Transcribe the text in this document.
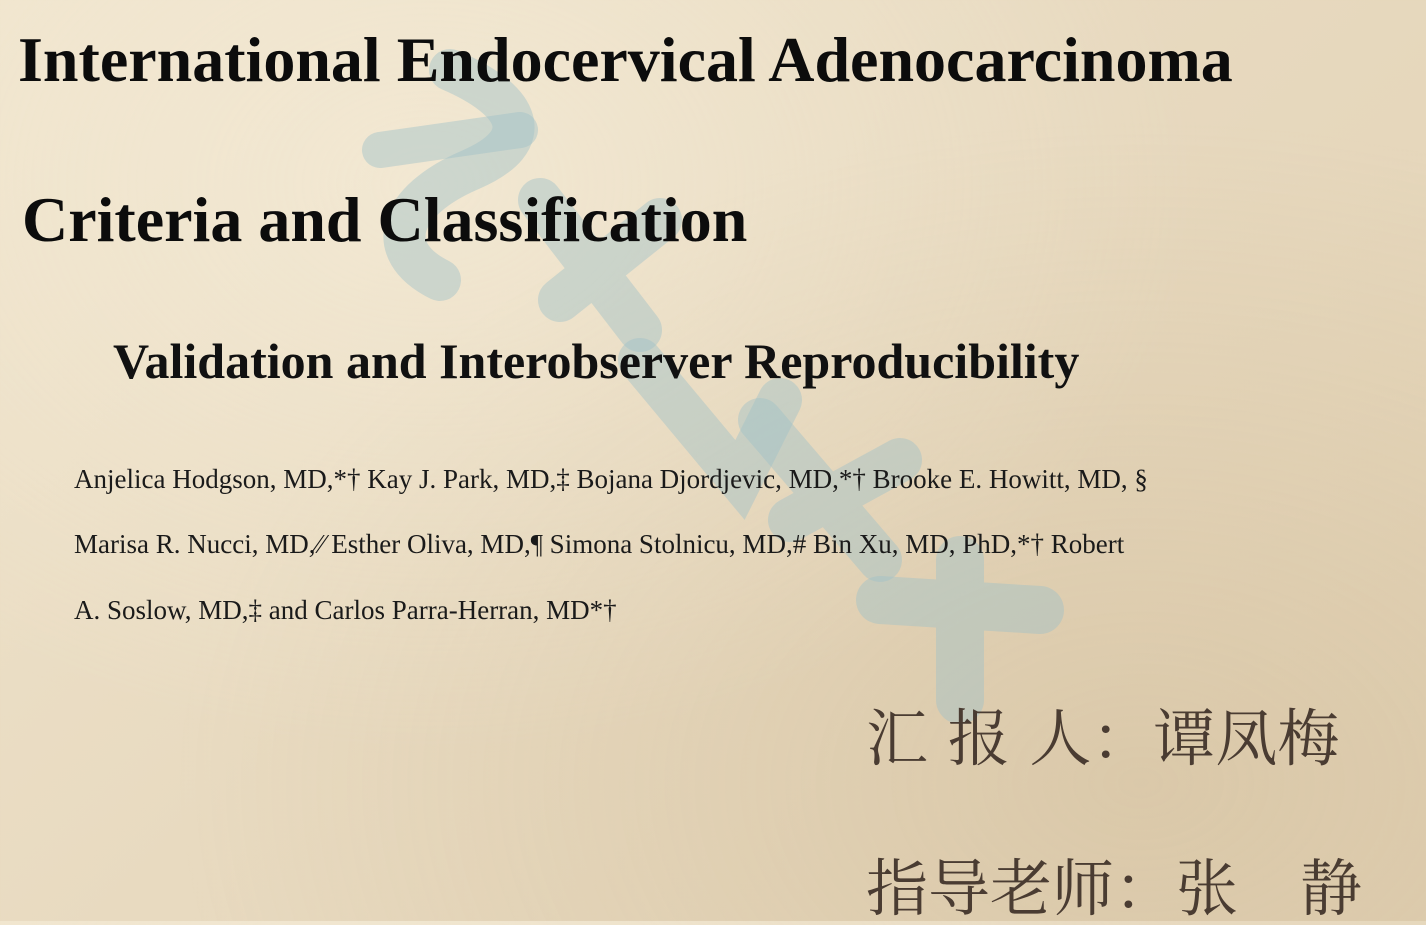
International Endocervical Adenocarcinoma
Criteria and Classification
Validation and Interobserver Reproducibility
Anjelica Hodgson, MD,*† Kay J. Park, MD,‡ Bojana Djordjevic, MD,*† Brooke E. Howitt, MD, §
Marisa R. Nucci, MD,⁄⁄ Esther Oliva, MD,¶ Simona Stolnicu, MD,# Bin Xu, MD, PhD,*† Robert
A. Soslow, MD,‡ and Carlos Parra-Herran, MD*†
汇 报 人：谭凤梅
指导老师：张　静
